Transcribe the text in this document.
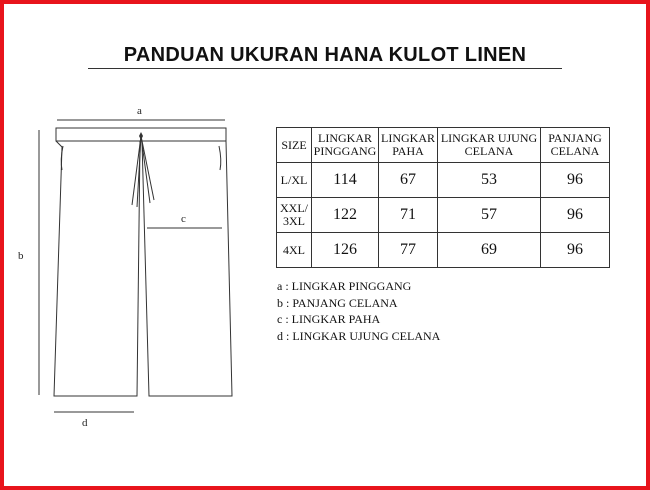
PANDUAN UKURAN HANA KULOT LINEN
a
b
c
d
SIZE	LINGKAR PINGGANG	LINGKAR PAHA	LINGKAR UJUNG CELANA	PANJANG CELANA
L/XL	114	67	53	96
XXL/ 3XL	122	71	57	96
4XL	126	77	69	96
a : LINGKAR PINGGANG
b : PANJANG CELANA
c : LINGKAR PAHA
d : LINGKAR UJUNG CELANA
